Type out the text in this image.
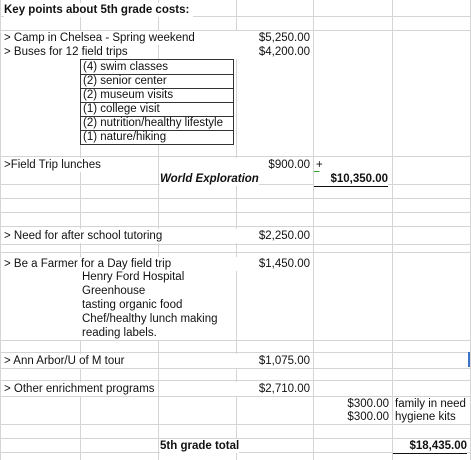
Key points about 5th grade costs:
> Camp in Chelsea - Spring weekend	$5,250.00
> Buses for 12 field trips	$4,200.00
(4) swim classes
(2) senior center
(2) museum visits
(1) college visit
(2) nutrition/healthy lifestyle
(1) nature/hiking
>Field Trip lunches	$900.00 +
World Exploration	$10,350.00
> Need for after school tutoring	$2,250.00
> Be a Farmer for a Day field trip	$1,450.00
Henry Ford Hospital
Greenhouse
tasting organic food
Chef/healthy lunch making
reading labels.
> Ann Arbor/U of M tour	$1,075.00
> Other enrichment programs	$2,710.00
$300.00 family in need
$300.00 hygiene kits
5th grade total	$18,435.00
